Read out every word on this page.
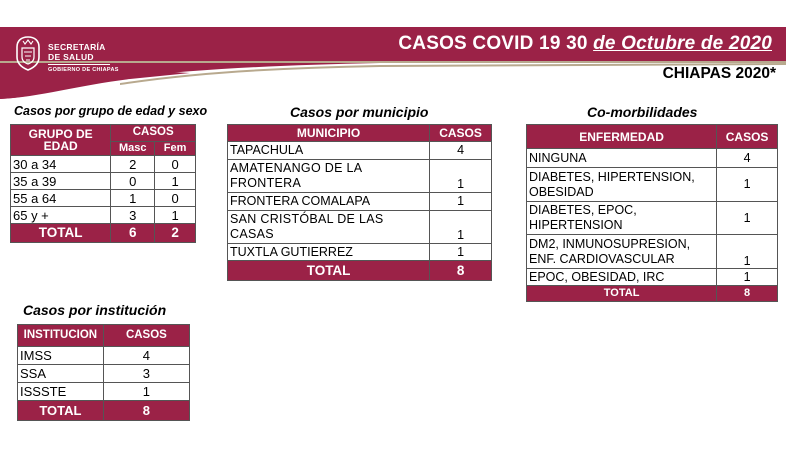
SECRETARÍA
DE SALUD
GOBIERNO DE CHIAPAS
CASOS COVID 19 30 de Octubre de 2020
CHIAPAS 2020*
Casos por grupo de edad y sexo
GRUPO DE EDAD	CASOS	
	Masc	Fem
30 a 34	2	0
35 a 39	0	1
55 a 64	1	0
65 y +	3	1
TOTAL	6	2
Casos por municipio
MUNICIPIO	CASOS
TAPACHULA	4
AMATENANGO DE LA FRONTERA	1
FRONTERA COMALAPA	1
SAN CRISTÓBAL DE LAS CASAS	1
TUXTLA GUTIERREZ	1
TOTAL	8
Co-morbilidades
ENFERMEDAD	CASOS
NINGUNA	4
DIABETES, HIPERTENSION, OBESIDAD	1
DIABETES, EPOC, HIPERTENSION	1
DM2, INMUNOSUPRESION, ENF. CARDIOVASCULAR	1
EPOC, OBESIDAD, IRC	1
TOTAL	8
Casos por institución
INSTITUCION	CASOS
IMSS	4
SSA	3
ISSSTE	1
TOTAL	8
